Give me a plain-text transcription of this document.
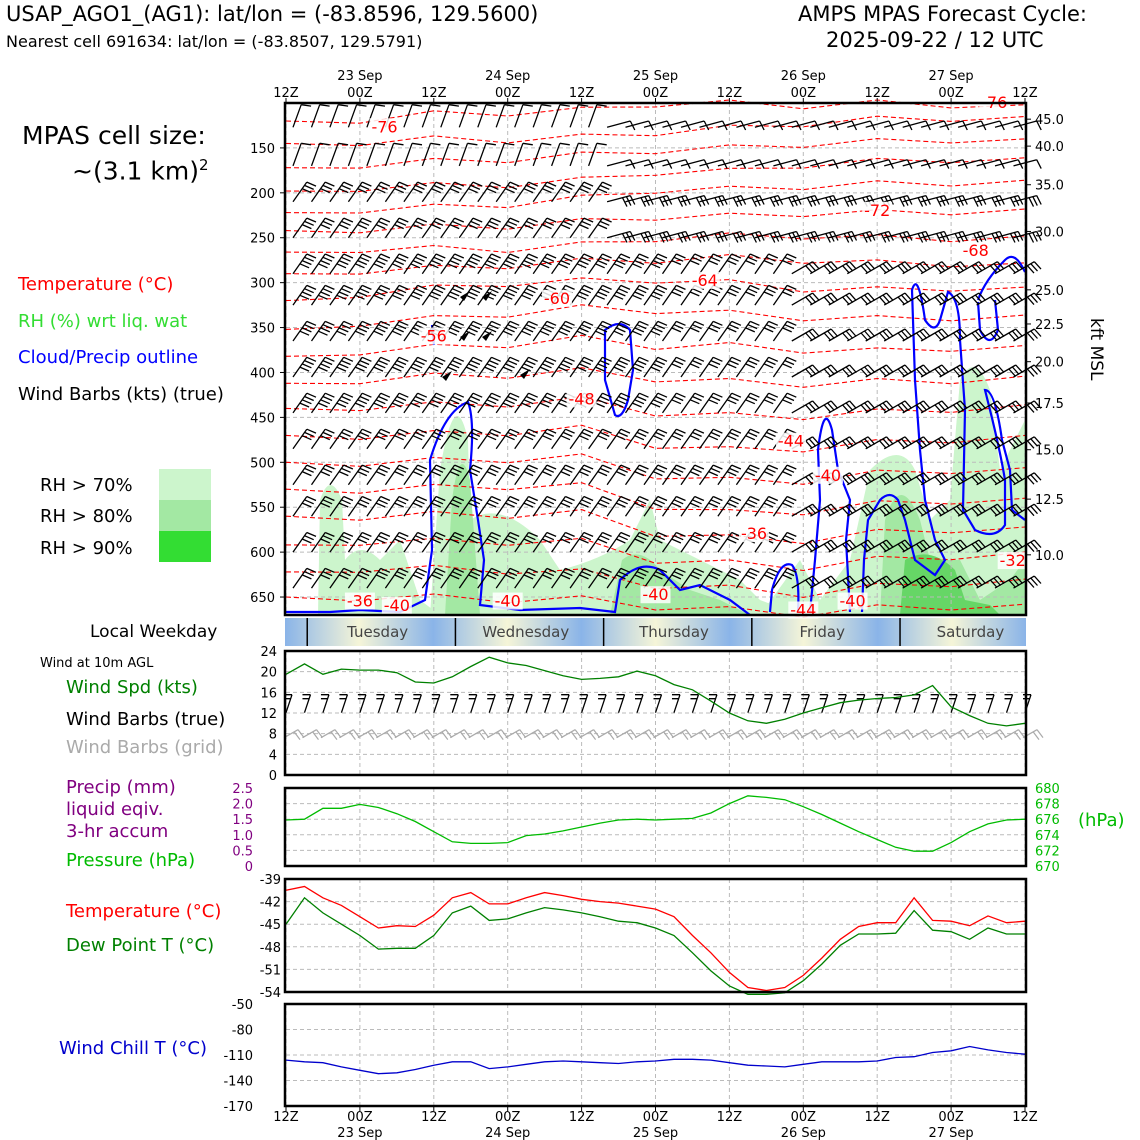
USAP_AGO1_(AG1): lat/lon = (-83.8596, 129.5600)
Nearest cell 691634: lat/lon = (-83.8507, 129.5791)
AMPS MPAS Forecast Cycle:
2025-09-22 / 12 UTC
MPAS cell size:
~(3.1 km)$^2$
Temperature (°C)
RH (%) wrt liq. wat
Cloud/Precip outline
Wind Barbs (kts) (true)
RH > 70%
RH > 80%
RH > 90%
Local Weekday
Wind at 10m AGL
Wind Spd (kts)
Wind Barbs (true)
Wind Barbs (grid)
Precip (mm)
liquid eqiv.
3-hr accum
Pressure (hPa)
(hPa)
Temperature (°C)
Dew Point T (°C)
Wind Chill T (°C)
kft MSL
-76
-76
-72
-68
-64
-60
-56
-48
-44
-40
-36
-32
-36 -40	-40	-40	-40
-44
150
200
250
300
350
400
450
500
550
600
650
45.0
40.0
35.0
30.0
25.0
22.5
20.0
17.5
15.0
12.5
10.0
12Z	00Z	12Z	00Z	12Z	00Z	12Z	00Z	12Z	00Z	12Z
23 Sep	24 Sep	25 Sep	26 Sep	27 Sep
Tuesday	Wednesday	Thursday	Friday	Saturday
0
4
8
12
16
20
24
0
0.5
1.0
1.5
2.0
2.5
670
672
674
676
678
680
-54
-51
-48
-45
-42
-39
-170
-140
-110
-80
-50
12Z	00Z	12Z	00Z	12Z	00Z	12Z	00Z	12Z	00Z	12Z
23 Sep	24 Sep	25 Sep	26 Sep	27 Sep
